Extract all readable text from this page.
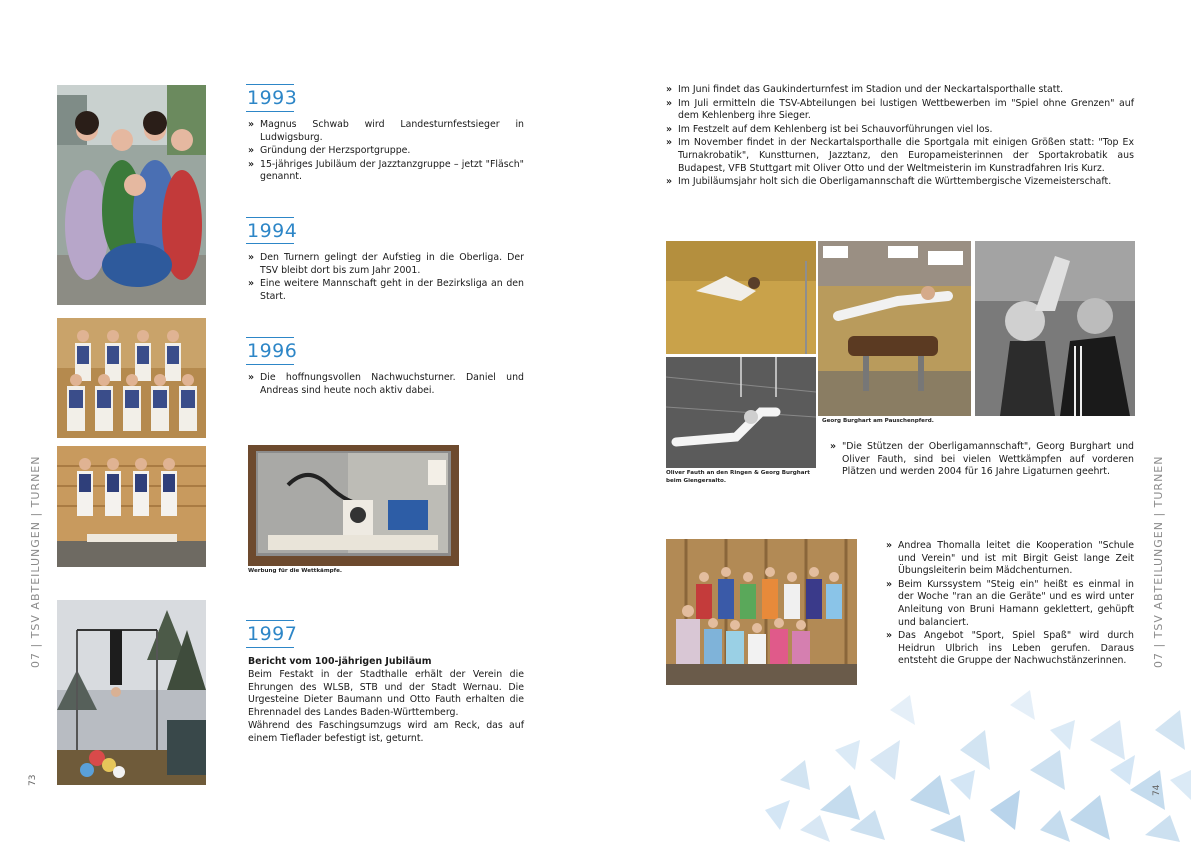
1993
» Magnus Schwab wird Landesturnfestsieger in Ludwigsburg.
» Gründung der Herzsportgruppe.
» 15-jähriges Jubiläum der Jazztanzgruppe – jetzt "Fläsch" genannt.
1994
» Den Turnern gelingt der Aufstieg in die Oberliga. Der TSV bleibt dort bis zum Jahr 2001.
» Eine weitere Mannschaft geht in der Bezirksliga an den Start.
1996
» Die hoffnungsvollen Nachwuchsturner. Daniel und Andreas sind heute noch aktiv dabei.
Werbung für die Wettkämpfe.
1997
Bericht vom 100-jährigen Jubiläum
Beim Festakt in der Stadthalle erhält der Verein die Ehrungen des WLSB, STB und der Stadt Wernau. Die Urgesteine Dieter Baumann und Otto Fauth erhalten die Ehrennadel des Landes Baden-Württemberg.
Während des Faschingsumzugs wird am Reck, das auf einem Tieflader befestigt ist, geturnt.
07 | TSV ABTEILUNGEN | TURNEN
73
» Im Juni findet das Gaukinderturnfest im Stadion und der Neckartalsporthalle statt.
» Im Juli ermitteln die TSV-Abteilungen bei lustigen Wettbewerben im "Spiel ohne Grenzen" auf dem Kehlenberg ihre Sieger.
» Im Festzelt auf dem Kehlenberg ist bei Schauvorführungen viel los.
» Im November findet in der Neckartalsporthalle die Sportgala mit einigen Größen statt: "Top Ex Turnakrobatik", Kunstturnen, Jazztanz, den Europameisterinnen der Sportakrobatik aus Budapest, VFB Stuttgart mit Oliver Otto und der Weltmeisterin im Kunstradfahren Iris Kurz.
» Im Jubiläumsjahr holt sich die Oberligamannschaft die Württembergische Vizemeisterschaft.
Oliver Fauth an den Ringen & Georg Burghart beim Giengersalto.
Georg Burghart am Pauschenpferd.
» "Die Stützen der Oberligamannschaft", Georg Burghart und Oliver Fauth, sind bei vielen Wettkämpfen auf vorderen Plätzen und werden 2004 für 16 Jahre Ligaturnen geehrt.
» Andrea Thomalla leitet die Kooperation "Schule und Verein" und ist mit Birgit Geist lange Zeit Übungsleiterin beim Mädchenturnen.
» Beim Kurssystem "Steig ein" heißt es einmal in der Woche "ran an die Geräte" und es wird unter Anleitung von Bruni Hamann geklettert, gehüpft und balanciert.
» Das Angebot "Sport, Spiel Spaß" wird durch Heidrun Ulbrich ins Leben gerufen. Daraus entsteht die Gruppe der Nachwuchstänzerinnen.	07 | TSV ABTEILUNGEN | TURNEN
74
